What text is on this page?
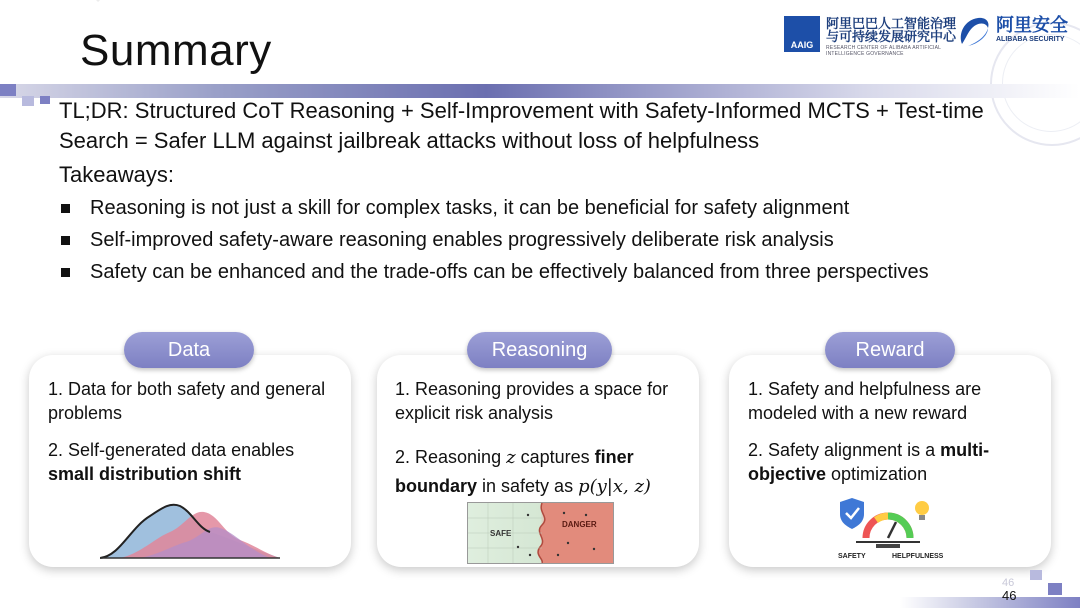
AAIG
阿里巴巴人工智能治理与可持续发展研究中心
RESEARCH CENTER OF ALIBABA ARTIFICIAL INTELLIGENCE GOVERNANCE
阿里安全
ALIBABA SECURITY
Summary
TL;DR: Structured CoT Reasoning + Self-Improvement with Safety-Informed MCTS + Test-time Search = Safer LLM against jailbreak attacks without loss of helpfulness
Takeaways:
Reasoning is not just a skill for complex tasks, it can be beneficial for safety alignment
Self-improved safety-aware reasoning enables progressively deliberate risk analysis
Safety can be enhanced and the trade-offs can be effectively balanced from three perspectives
Data
1. Data for both safety and general problems
2. Self-generated data enables small distribution shift
Reasoning
1. Reasoning provides a space for explicit risk analysis
2. Reasoning z captures finer boundary in safety as p(y|x, z)
SAFE
DANGER
Reward
1. Safety and helpfulness are modeled with a new reward
2. Safety alignment is a multi-
objective optimization
SAFETY	HELPFULNESS
46
46
